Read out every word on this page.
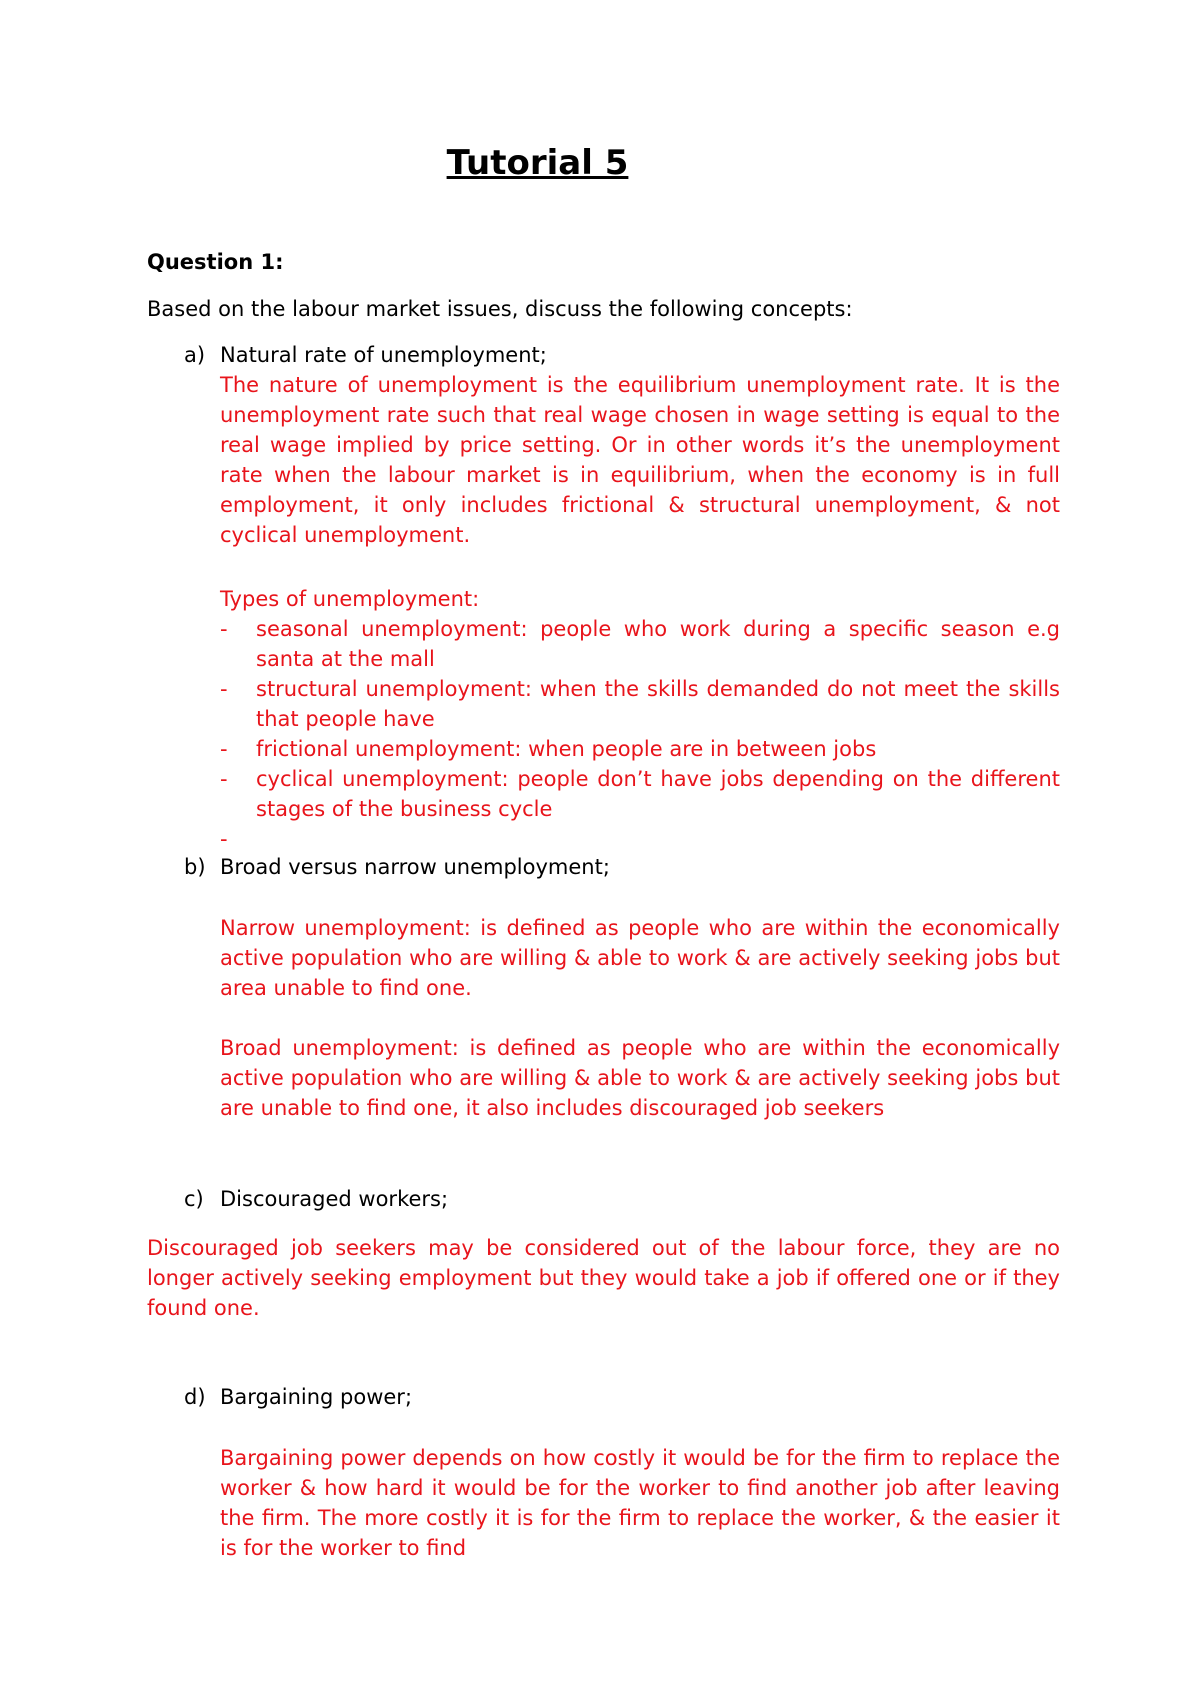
Tutorial 5

Question 1:

Based on the labour market issues, discuss the following concepts:

a) Natural rate of unemployment;

The nature of unemployment is the equilibrium unemployment rate. It is the unemployment rate such that real wage chosen in wage setting is equal to the real wage implied by price setting. Or in other words it’s the unemployment rate when the labour market is in equilibrium, when the economy is in full employment, it only includes frictional & structural unemployment, & not cyclical unemployment.

Types of unemployment:

- seasonal unemployment: people who work during a specific season e.g santa at the mall
- structural unemployment: when the skills demanded do not meet the skills that people have
- frictional unemployment: when people are in between jobs
- cyclical unemployment: people don’t have jobs depending on the different stages of the business cycle
-

b) Broad versus narrow unemployment;

Narrow unemployment: is defined as people who are within the economically active population who are willing & able to work & are actively seeking jobs but area unable to find one.

Broad unemployment: is defined as people who are within the economically active population who are willing & able to work & are actively seeking jobs but are unable to find one, it also includes discouraged job seekers

c) Discouraged workers;

Discouraged job seekers may be considered out of the labour force, they are no longer actively seeking employment but they would take a job if offered one or if they found one.

d) Bargaining power;

Bargaining power depends on how costly it would be for the firm to replace the worker & how hard it would be for the worker to find another job after leaving the firm. The more costly it is for the firm to replace the worker, & the easier it is for the worker to find
